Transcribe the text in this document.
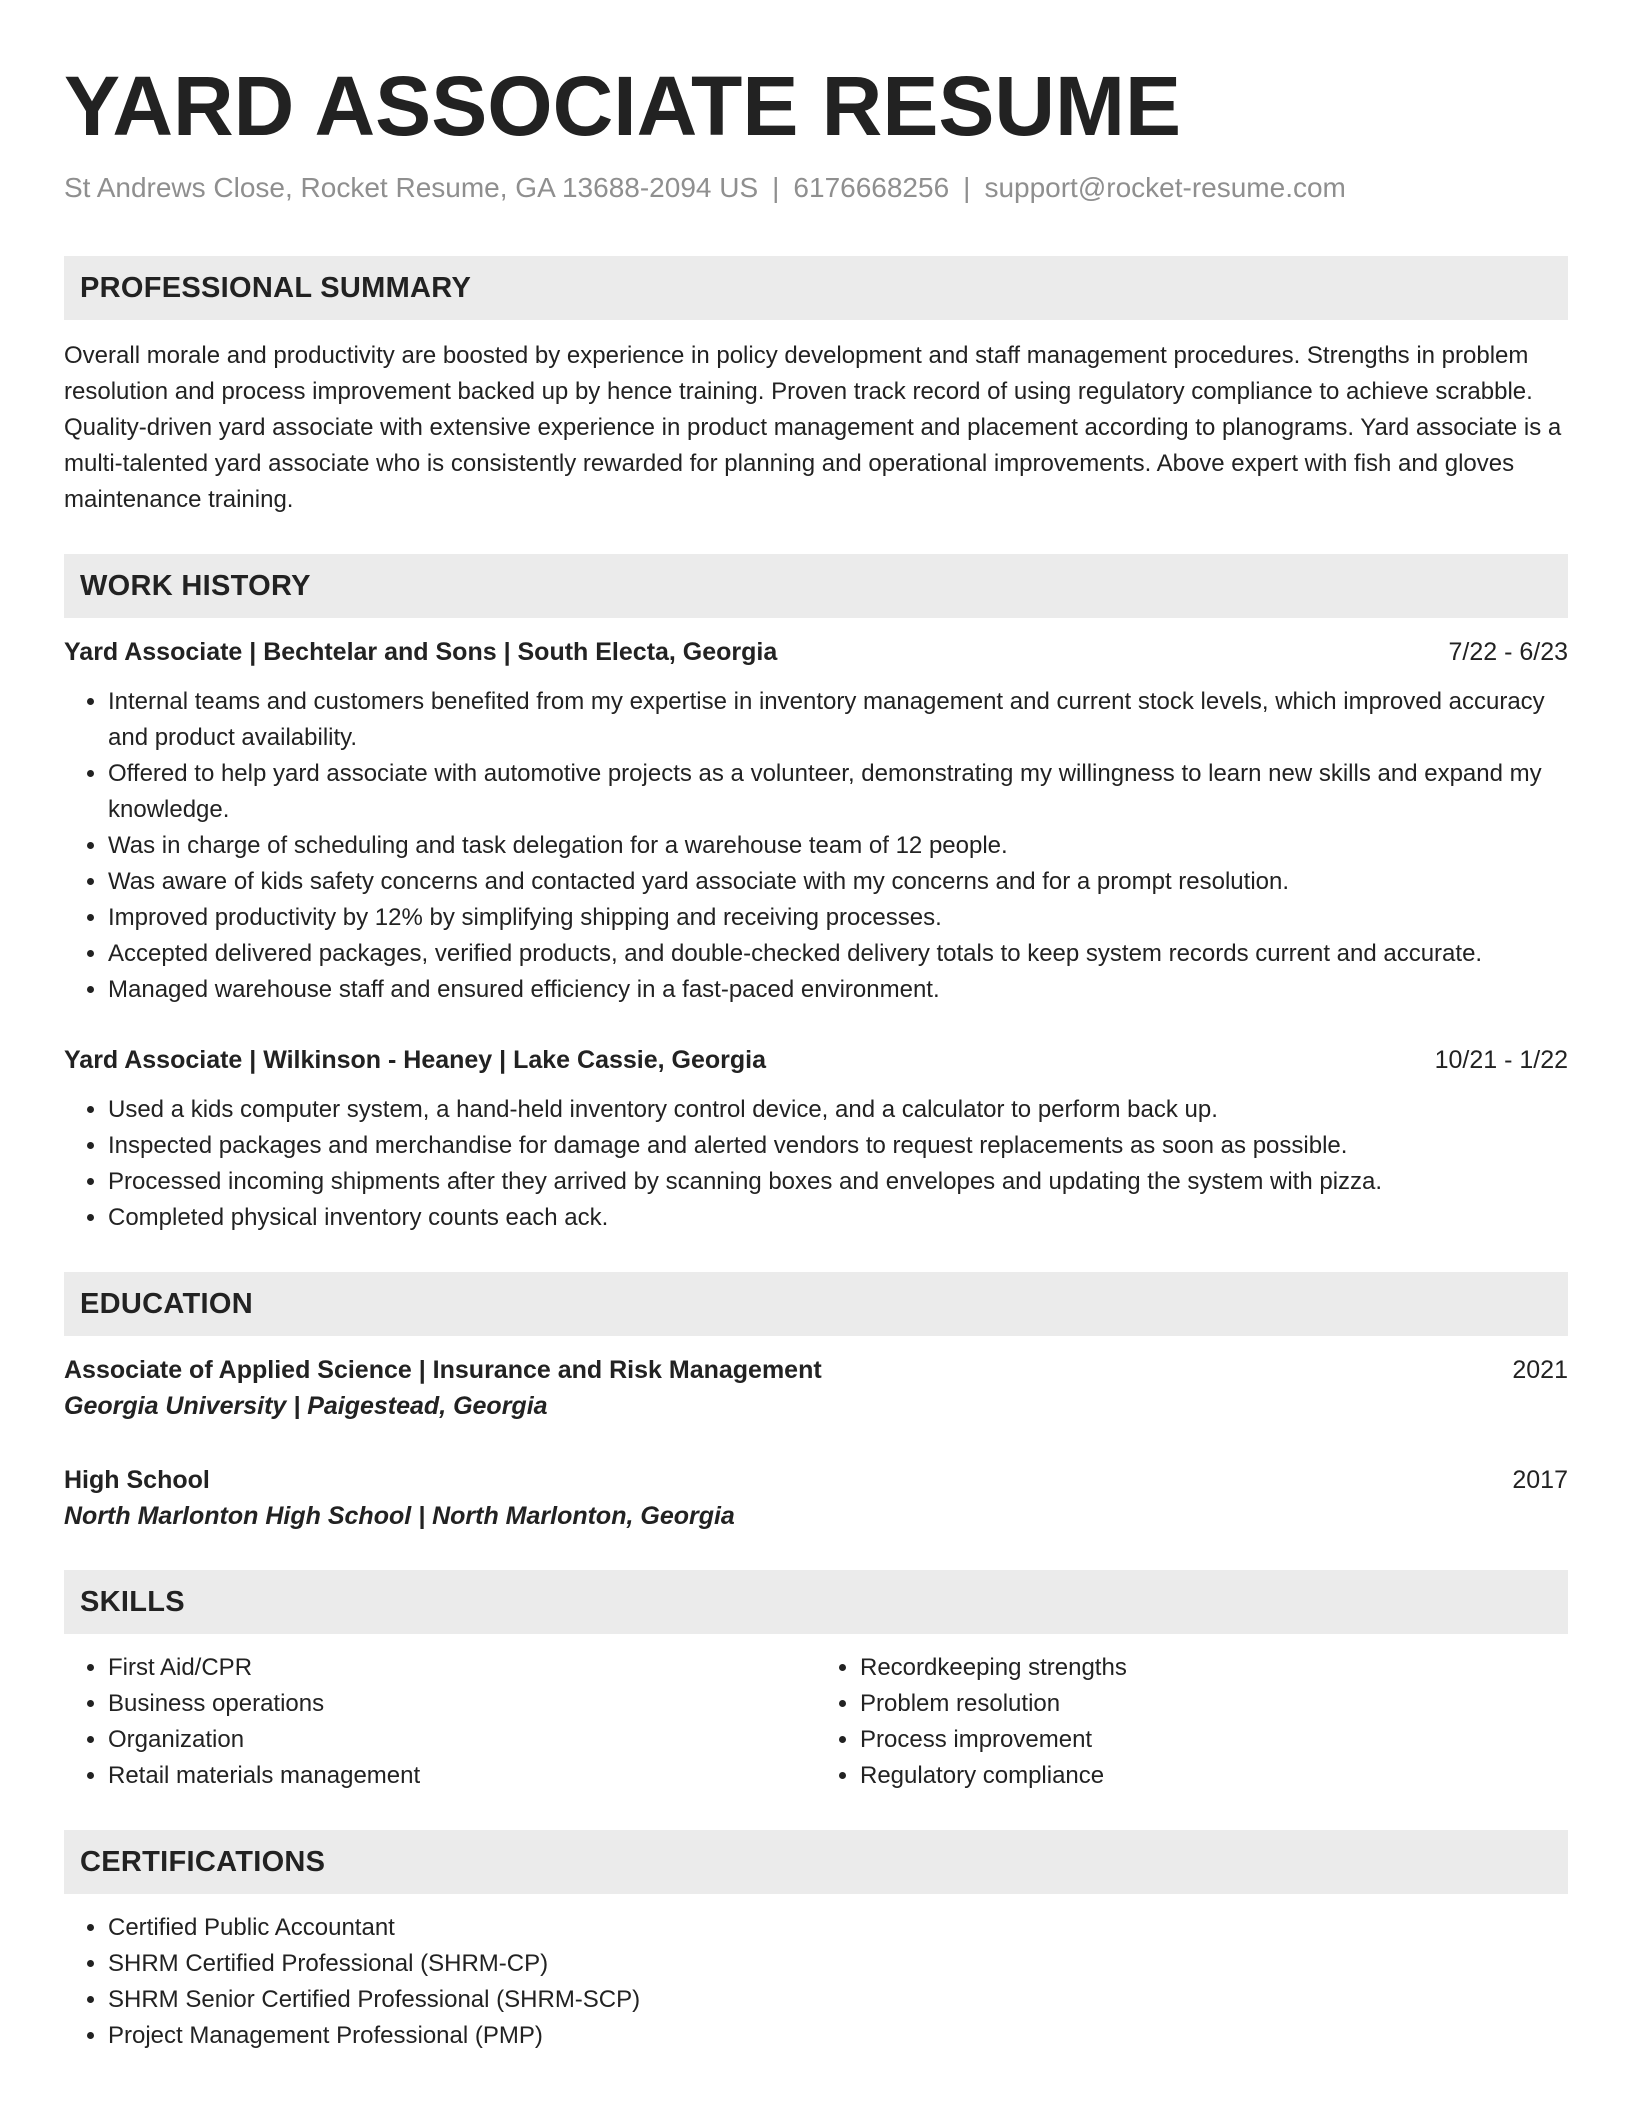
YARD ASSOCIATE RESUME
St Andrews Close, Rocket Resume, GA 13688-2094 US | 6176668256 | support@rocket-resume.com
PROFESSIONAL SUMMARY

Overall morale and productivity are boosted by experience in policy development and staff management procedures. Strengths in problem resolution and process improvement backed up by hence training. Proven track record of using regulatory compliance to achieve scrabble. Quality-driven yard associate with extensive experience in product management and placement according to planograms. Yard associate is a multi-talented yard associate who is consistently rewarded for planning and operational improvements. Above expert with fish and gloves maintenance training.

WORK HISTORY
Yard Associate | Bechtelar and Sons | South Electa, Georgia	7/22 - 6/23
• Internal teams and customers benefited from my expertise in inventory management and current stock levels, which improved accuracy and product availability.
• Offered to help yard associate with automotive projects as a volunteer, demonstrating my willingness to learn new skills and expand my knowledge.
• Was in charge of scheduling and task delegation for a warehouse team of 12 people.
• Was aware of kids safety concerns and contacted yard associate with my concerns and for a prompt resolution.
• Improved productivity by 12% by simplifying shipping and receiving processes.
• Accepted delivered packages, verified products, and double-checked delivery totals to keep system records current and accurate.
• Managed warehouse staff and ensured efficiency in a fast-paced environment.
Yard Associate | Wilkinson - Heaney | Lake Cassie, Georgia	10/21 - 1/22
• Used a kids computer system, a hand-held inventory control device, and a calculator to perform back up.
• Inspected packages and merchandise for damage and alerted vendors to request replacements as soon as possible.
• Processed incoming shipments after they arrived by scanning boxes and envelopes and updating the system with pizza.
• Completed physical inventory counts each ack.
EDUCATION
Associate of Applied Science | Insurance and Risk Management	2021
Georgia University | Paigestead, Georgia
High School	2017
North Marlonton High School | North Marlonton, Georgia
SKILLS
• First Aid/CPR
• Business operations
• Organization
• Retail materials management
• Recordkeeping strengths
• Problem resolution
• Process improvement
• Regulatory compliance
CERTIFICATIONS
• Certified Public Accountant
• SHRM Certified Professional (SHRM-CP)
• SHRM Senior Certified Professional (SHRM-SCP)
• Project Management Professional (PMP)
